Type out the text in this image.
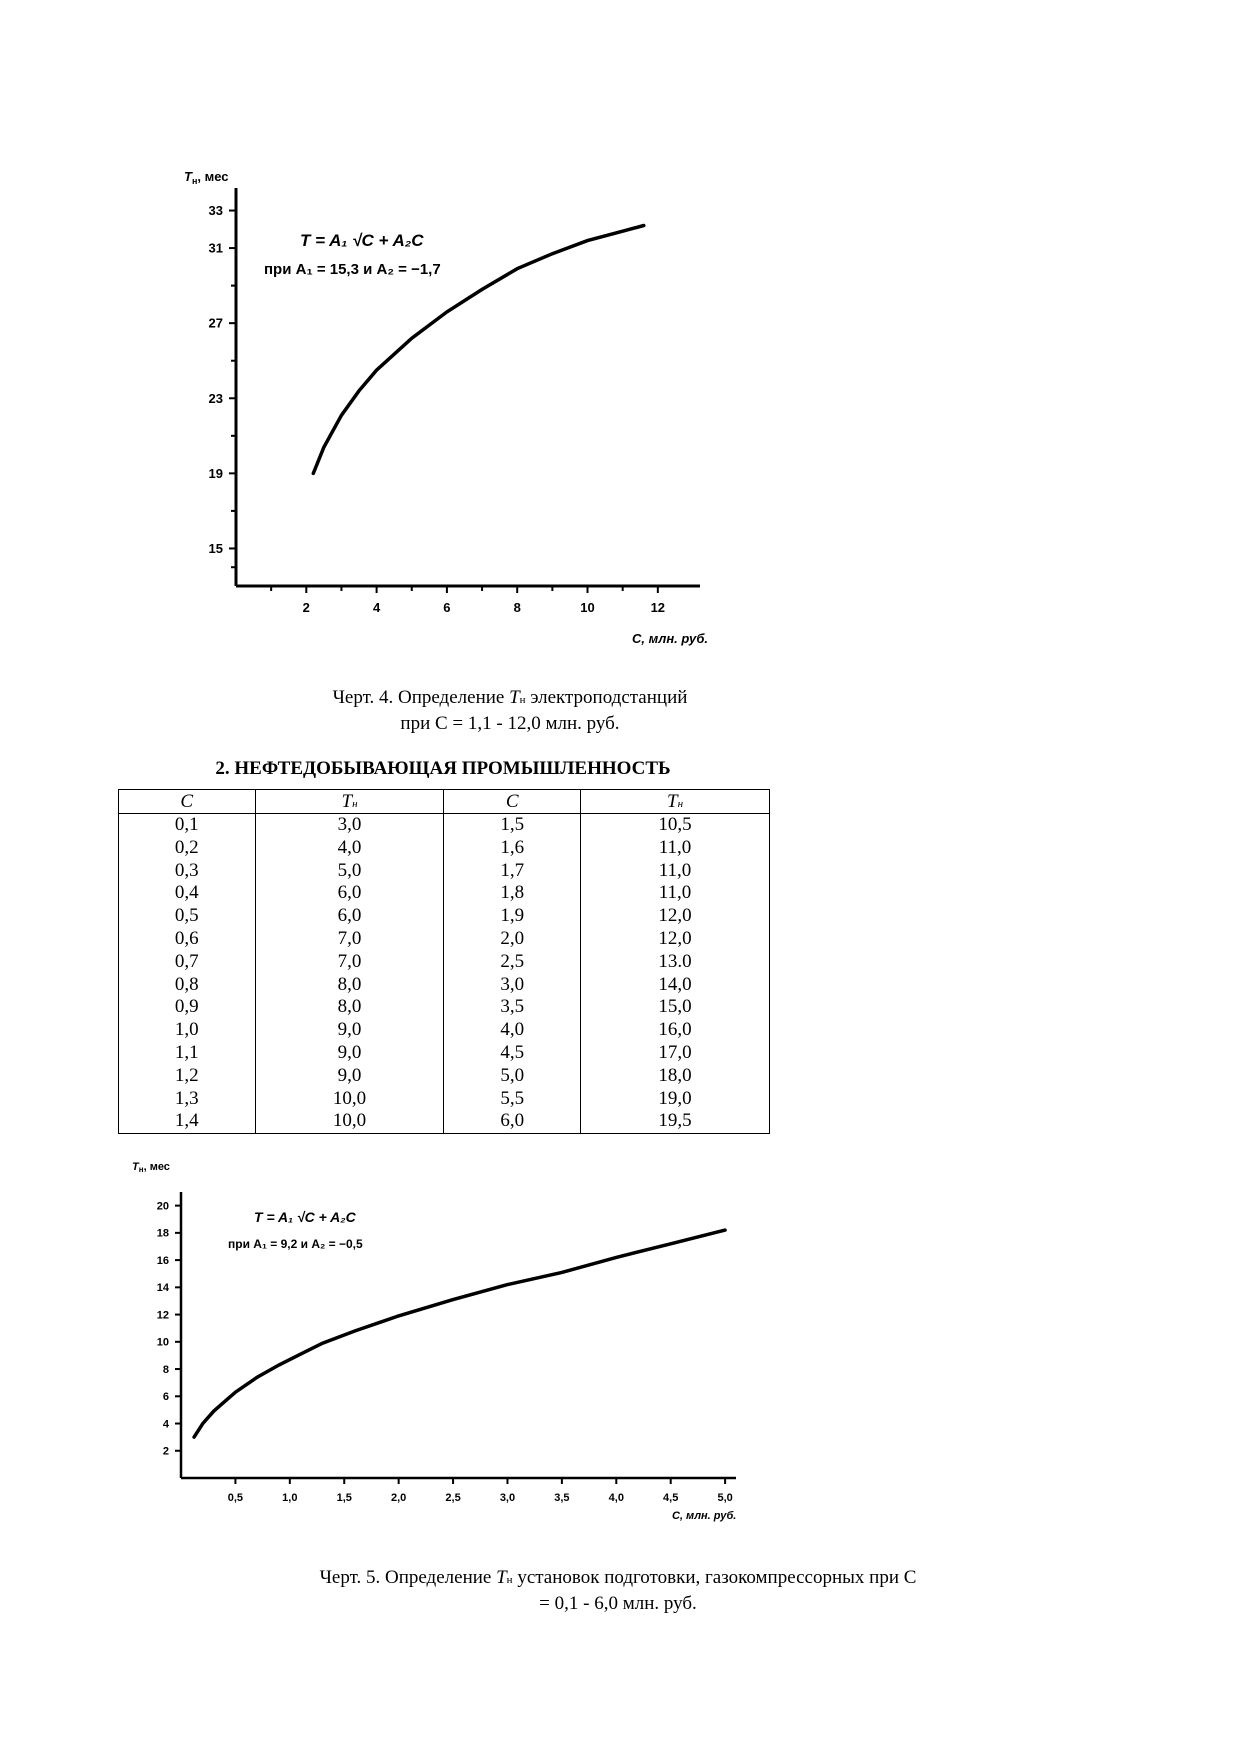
33
31
27
23
19
15
2	4	6	8	10	12
$T_н$, мес
C, млн. руб.
T = A₁ √C + A₂C
при A₁ = 15,3 и A₂ = −1,7
Черт. 4. Определение Tн электроподстанций
при С = 1,1 - 12,0 млн. руб.
2. НЕФТЕДОБЫВАЮЩАЯ ПРОМЫШЛЕННОСТЬ
C	Tн	C	Tн
0,1	3,0	1,5	10,5
0,2	4,0	1,6	11,0
0,3	5,0	1,7	11,0
0,4	6,0	1,8	11,0
0,5	6,0	1,9	12,0
0,6	7,0	2,0	12,0
0,7	7,0	2,5	13.0
0,8	8,0	3,0	14,0
0,9	8,0	3,5	15,0
1,0	9,0	4,0	16,0
1,1	9,0	4,5	17,0
1,2	9,0	5,0	18,0
1,3	10,0	5,5	19,0
1,4	10,0	6,0	19,5
20
18
16
14
12
10
8
6
4
2
0,5	1,0	1,5	2,0	2,5	3,0	3,5	4,0	4,5	5,0
Tн, мес
C, млн. руб.
T = A₁ √C + A₂C
при A₁ = 9,2 и A₂ = −0,5
Черт. 5. Определение Tн установок подготовки, газокомпрессорных при С
= 0,1 - 6,0 млн. руб.
